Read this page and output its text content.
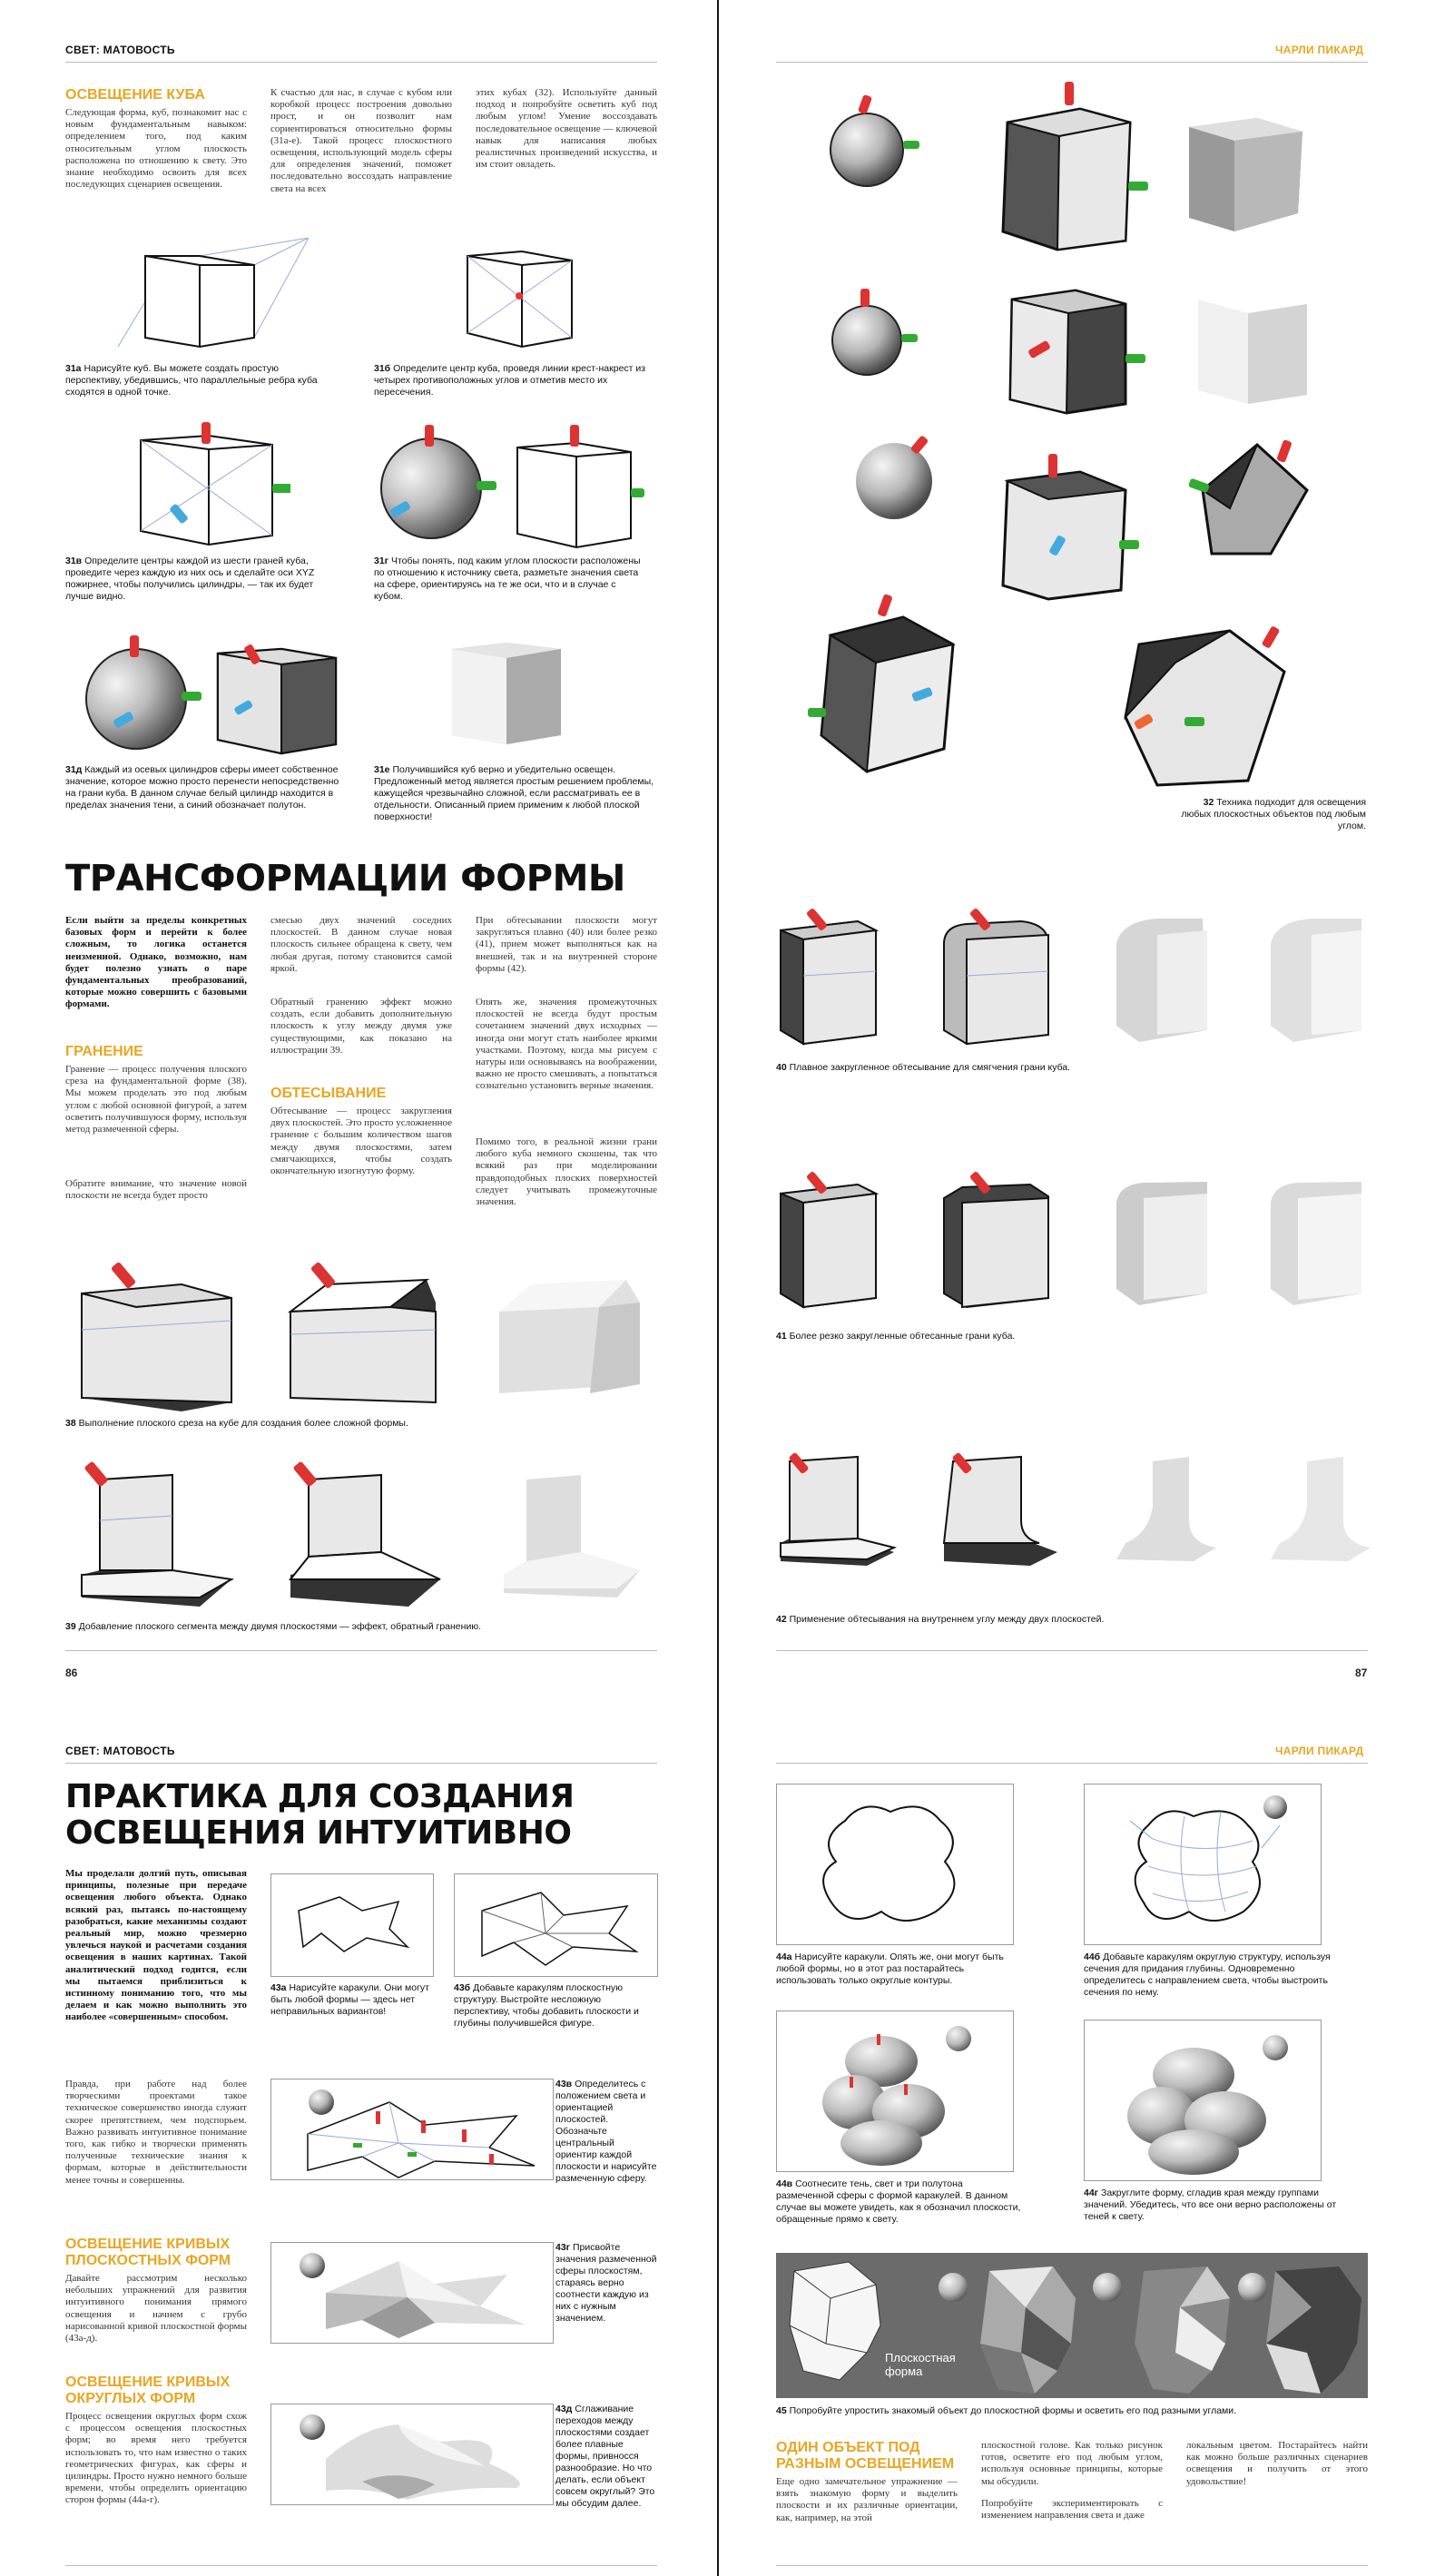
СВЕТ: МАТОВОСТЬ
ОСВЕЩЕНИЕ КУБА
Следующая форма, куб, познакомит нас с новым фундаментальным навыком: определением того, под каким относительным углом плоскость расположена по отношению к свету. Это знание необходимо освоить для всех последующих сценариев освещения.
К счастью для нас, в случае с кубом или коробкой процесс построения довольно прост, и он позволит нам сориентироваться относительно формы (31а-е). Такой процесс плоскостного освещения, использующий модель сферы для определения значений, поможет последовательно воссоздать направление света на всех
этих кубах (32). Используйте данный подход и попробуйте осветить куб под любым углом! Умение воссоздавать последовательное освещение — ключевой навык для написания любых реалистичных произведений искусства, и им стоит овладеть.
31а Нарисуйте куб. Вы можете создать простую перспективу, убедившись, что параллельные ребра куба сходятся в одной точке.
31б Определите центр куба, проведя линии крест-накрест из четырех противоположных углов и отметив место их пересечения.
31в Определите центры каждой из шести граней куба, проведите через каждую из них ось и сделайте оси XYZ пожирнее, чтобы получились цилиндры, — так их будет лучше видно.
31г Чтобы понять, под каким углом плоскости расположены по отношению к источнику света, разметьте значения света на сфере, ориентируясь на те же оси, что и в случае с кубом.
31д Каждый из осевых цилиндров сферы имеет собственное значение, которое можно просто перенести непосредственно на грани куба. В данном случае белый цилиндр находится в пределах значения тени, а синий обозначает полутон.
31е Получившийся куб верно и убедительно освещен. Предложенный метод является простым решением проблемы, кажущейся чрезвычайно сложной, если рассматривать ее в отдельности. Описанный прием применим к любой плоской поверхности!
ТРАНСФОРМАЦИИ ФОРМЫ
Если выйти за пределы конкретных базовых форм и перейти к более сложным, то логика останется неизменной. Однако, возможно, нам будет полезно узнать о паре фундаментальных преобразований, которые можно совершить с базовыми формами.
ГРАНЕНИЕ
Гранение — процесс получения плоского среза на фундаментальной форме (38). Мы можем проделать это под любым углом с любой основной фигурой, а затем осветить получившуюся форму, используя метод размеченной сферы.
Обратите внимание, что значение новой плоскости не всегда будет просто
смесью двух значений соседних плоскостей. В данном случае новая плоскость сильнее обращена к свету, чем любая другая, потому становится самой яркой.
Обратный гранению эффект можно создать, если добавить дополнительную плоскость к углу между двумя уже существующими, как показано на иллюстрации 39.
ОБТЕСЫВАНИЕ
Обтесывание — процесс закругления двух плоскостей. Это просто усложненное гранение с большим количеством шагов между двумя плоскостями, затем смягчающихся, чтобы создать окончательную изогнутую форму.
При обтесывании плоскости могут закругляться плавно (40) или более резко (41), прием может выполняться как на внешней, так и на внутренней стороне формы (42).
Опять же, значения промежуточных плоскостей не всегда будут простым сочетанием значений двух исходных — иногда они могут стать наиболее яркими участками. Поэтому, когда мы рисуем с натуры или основываясь на воображении, важно не просто смешивать, а попытаться сознательно установить верные значения.
Помимо того, в реальной жизни грани любого куба немного скошены, так что всякий раз при моделировании правдоподобных плоских поверхностей следует учитывать промежуточные значения.
38 Выполнение плоского среза на кубе для создания более сложной формы.
39 Добавление плоского сегмента между двумя плоскостями — эффект, обратный гранению.
86
ЧАРЛИ ПИКАРД
32 Техника подходит для освещения любых плоскостных объектов под любым углом.
40 Плавное закругленное обтесывание для смягчения грани куба.
41 Более резко закругленные обтесанные грани куба.
42 Применение обтесывания на внутреннем углу между двух плоскостей.
87
СВЕТ: МАТОВОСТЬ
ПРАКТИКА ДЛЯ СОЗДАНИЯ
ОСВЕЩЕНИЯ ИНТУИТИВНО
Мы проделали долгий путь, описывая принципы, полезные при передаче освещения любого объекта. Однако всякий раз, пытаясь по-настоящему разобраться, какие механизмы создают реальный мир, можно чрезмерно увлечься наукой и расчетами создания освещения в наших картинах. Такой аналитический подход годится, если мы пытаемся приблизиться к истинному пониманию того, что мы делаем и как можно выполнить это наиболее «совершенным» способом.
Правда, при работе над более творческими проектами такое техническое совершенство иногда служит скорее препятствием, чем подспорьем. Важно развивать интуитивное понимание того, как гибко и творчески применять полученные технические знания к формам, которые в действительности менее точны и совершенны.
ОСВЕЩЕНИЕ КРИВЫХ
ПЛОСКОСТНЫХ ФОРМ
Давайте рассмотрим несколько небольших упражнений для развития интуитивного понимания прямого освещения и начнем с грубо нарисованной кривой плоскостной формы (43а-д).
ОСВЕЩЕНИЕ КРИВЫХ
ОКРУГЛЫХ ФОРМ
Процесс освещения округлых форм схож с процессом освещения плоскостных форм; во время него требуется использовать то, что нам известно о таких геометрических фигурах, как сферы и цилиндры. Просто нужно немного больше времени, чтобы определить ориентацию сторон формы (44а-г).
43а Нарисуйте каракули. Они могут быть любой формы — здесь нет неправильных вариантов!
43б Добавьте каракулям плоскостную структуру. Выстройте несложную перспективу, чтобы добавить плоскости и глубины получившейся фигуре.
43в Определитесь с положением света и ориентацией плоскостей. Обозначьте центральный ориентир каждой плоскости и нарисуйте размеченную сферу.
43г Присвойте значения размеченной сферы плоскостям, стараясь верно соотнести каждую из них с нужным значением.
43д Сглаживание переходов между плоскостями создает более плавные формы, привносся разнообразие. Но что делать, если объект совсем округлый? Это мы обсудим далее.
ЧАРЛИ ПИКАРД
44а Нарисуйте каракули. Опять же, они могут быть любой формы, но в этот раз постарайтесь использовать только округлые контуры.
44б Добавьте каракулям округлую структуру, используя сечения для придания глубины. Одновременно определитесь с направлением света, чтобы выстроить сечения по нему.
44в Соотнесите тень, свет и три полутона размеченной сферы с формой каракулей. В данном случае вы можете увидеть, как я обозначил плоскости, обращенные прямо к свету.
44г Закруглите форму, сгладив края между группами значений. Убедитесь, что все они верно расположены от теней к свету.
Плоскостная
форма
45 Попробуйте упростить знакомый объект до плоскостной формы и осветить его под разными углами.
ОДИН ОБЪЕКТ ПОД
РАЗНЫМ ОСВЕЩЕНИЕМ
Еще одно замечательное упражнение — взять знакомую форму и выделить плоскости и их различные ориентации, как, например, на этой
плоскостной голове. Как только рисунок готов, осветите его под любым углом, используя основные принципы, которые мы обсудили.
Попробуйте экспериментировать с изменением направления света и даже
локальным цветом. Постарайтесь найти как можно больше различных сценариев освещения и получить от этого удовольствие!
